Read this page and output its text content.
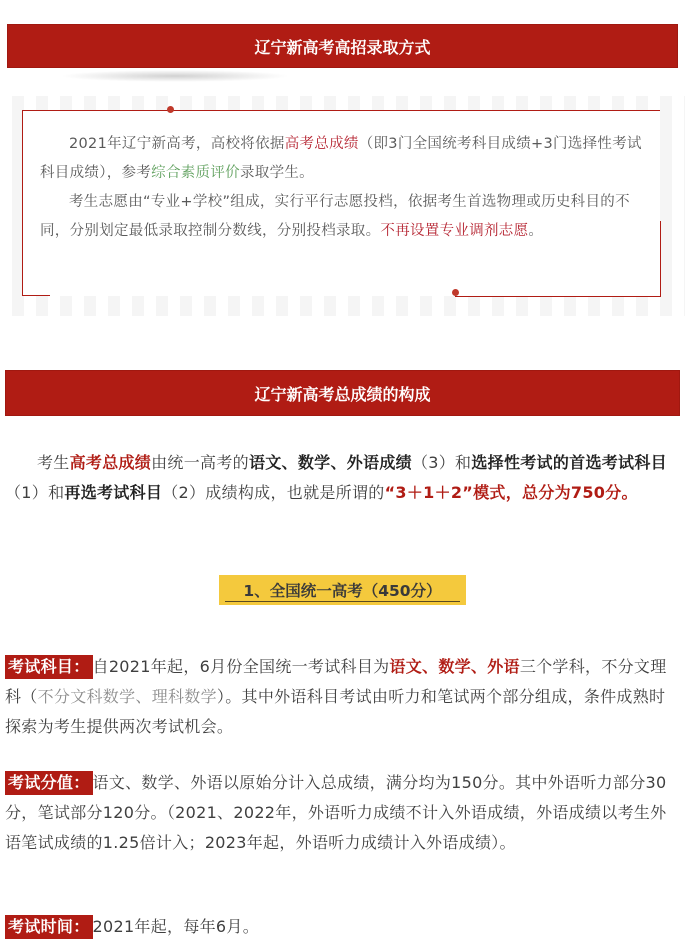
辽宁新高考高招录取方式

2021年辽宁新高考，高校将依据高考总成绩（即3门全国统考科目成绩+3门选择性考试科目成绩），参考综合素质评价录取学生。

考生志愿由“专业+学校”组成，实行平行志愿投档，依据考生首选物理或历史科目的不同，分别划定最低录取控制分数线，分别投档录取。不再设置专业调剂志愿。

辽宁新高考总成绩的构成
考生高考总成绩由统一高考的语文、数学、外语成绩（3）和选择性考试的首选考试科目（1）和再选考试科目（2）成绩构成，也就是所谓的“3＋1＋2”模式，总分为750分。
1、全国统一高考（450分）
考试科目： 自2021年起，6月份全国统一考试科目为语文、数学、外语三个学科，不分文理科（不分文科数学、理科数学）。其中外语科目考试由听力和笔试两个部分组成，条件成熟时探索为考生提供两次考试机会。
考试分值： 语文、数学、外语以原始分计入总成绩，满分均为150分。其中外语听力部分30分，笔试部分120分。（2021、2022年，外语听力成绩不计入外语成绩，外语成绩以考生外语笔试成绩的1.25倍计入；2023年起，外语听力成绩计入外语成绩）。
考试时间： 2021年起，每年6月。
